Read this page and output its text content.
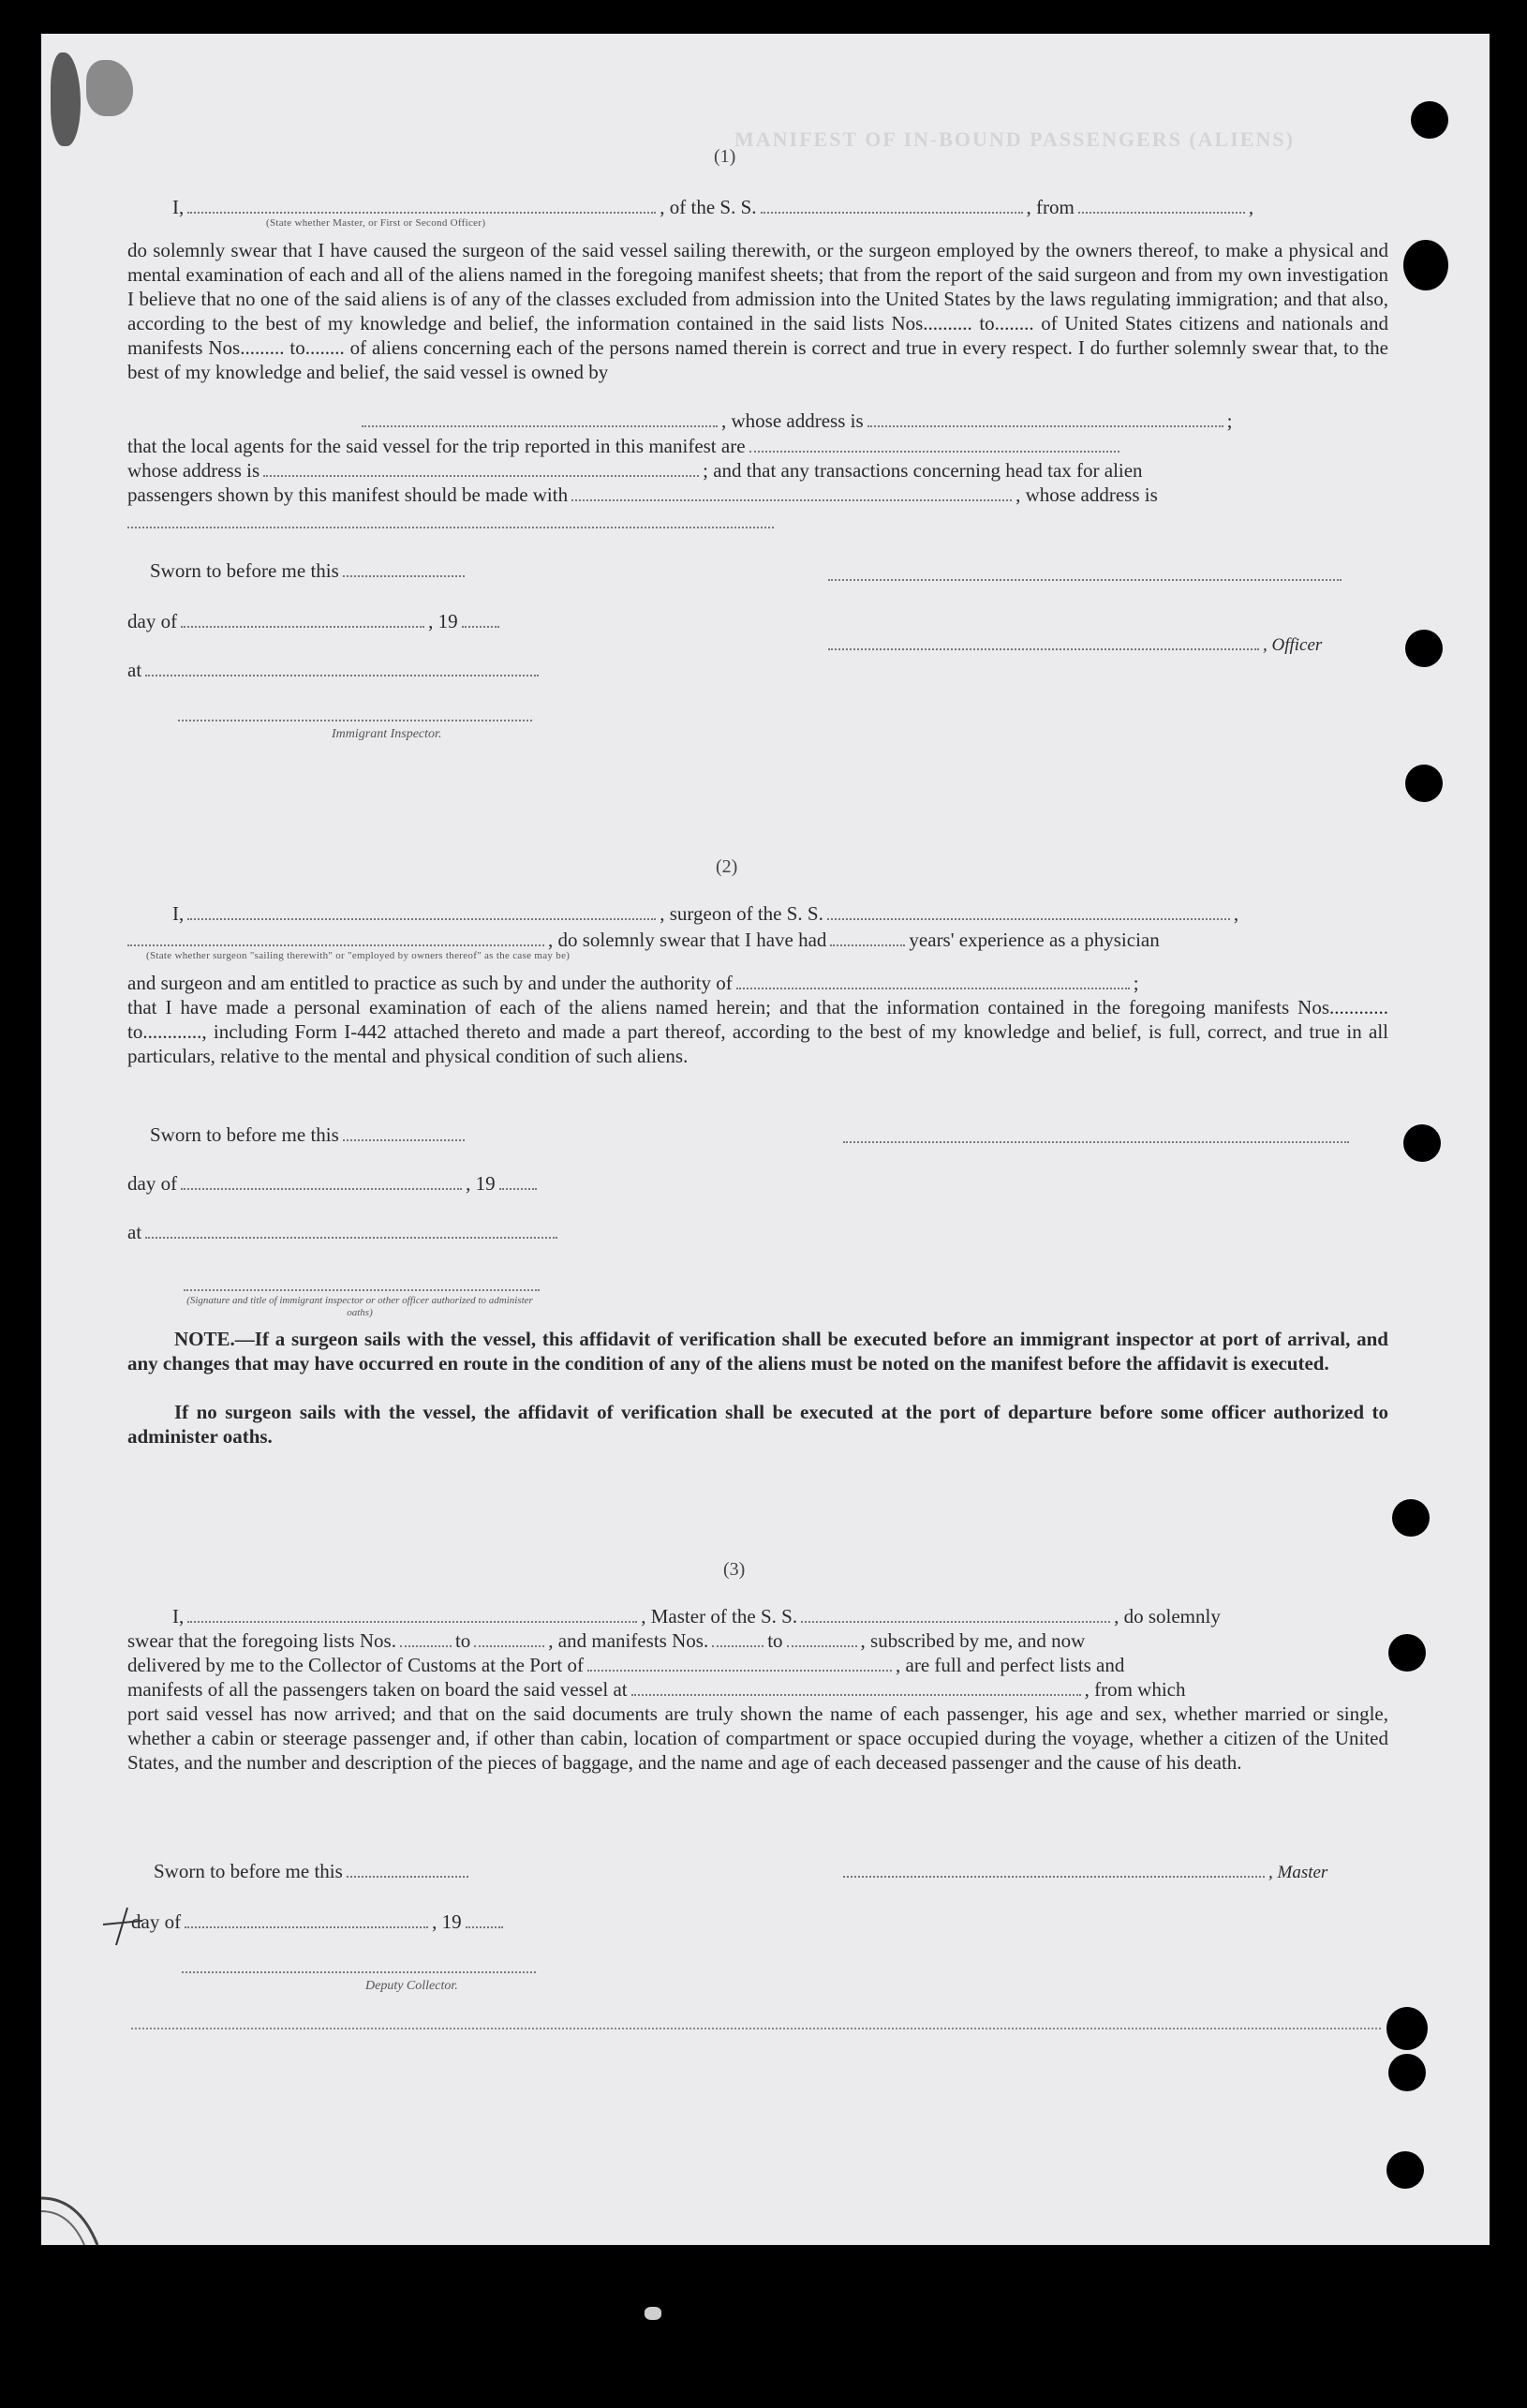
MANIFEST OF IN-BOUND PASSENGERS (ALIENS)
(1)
I,	, of the S. S.	, from	,
(State whether Master, or First or Second Officer)
do solemnly swear that I have caused the surgeon of the said vessel sailing therewith, or the surgeon employed by the owners thereof, to make a physical and mental examination of each and all of the aliens named in the foregoing manifest sheets; that from the report of the said surgeon and from my own investigation I believe that no one of the said aliens is of any of the classes excluded from admission into the United States by the laws regulating immigration; and that also, according to the best of my knowledge and belief, the information contained in the said lists Nos.......... to........ of United States citizens and nationals and manifests Nos......... to........ of aliens concerning each of the persons named therein is correct and true in every respect. I do further solemnly swear that, to the best of my knowledge and belief, the said vessel is owned by
, whose address is	;
that the local agents for the said vessel for the trip reported in this manifest are
whose address is	; and that any transactions concerning head tax for alien
passengers shown by this manifest should be made with	, whose address is
Sworn to before me this
day of	, 19
, Officer
at
Immigrant Inspector.
(2)
I,	, surgeon of the S. S.	,
, do solemnly swear that I have had	years' experience as a physician
(State whether surgeon "sailing therewith" or "employed by owners thereof" as the case may be)
and surgeon and am entitled to practice as such by and under the authority of	;
that I have made a personal examination of each of the aliens named herein; and that the information contained in the foregoing manifests Nos............ to............, including Form I-442 attached thereto and made a part thereof, according to the best of my knowledge and belief, is full, correct, and true in all particulars, relative to the mental and physical condition of such aliens.
Sworn to before me this
day of	, 19
at
(Signature and title of immigrant inspector or other officer authorized to administer oaths)
NOTE.—If a surgeon sails with the vessel, this affidavit of verification shall be executed before an immigrant inspector at port of arrival, and any changes that may have occurred en route in the condition of any of the aliens must be noted on the manifest before the affidavit is executed.
If no surgeon sails with the vessel, the affidavit of verification shall be executed at the port of departure before some officer authorized to administer oaths.
(3)
I,	, Master of the S. S.	, do solemnly
swear that the foregoing lists Nos.	to	, and manifests Nos.	to	, subscribed by me, and now
delivered by me to the Collector of Customs at the Port of	, are full and perfect lists and
manifests of all the passengers taken on board the said vessel at	, from which
port said vessel has now arrived; and that on the said documents are truly shown the name of each passenger, his age and sex, whether married or single, whether a cabin or steerage passenger and, if other than cabin, location of compartment or space occupied during the voyage, whether a citizen of the United States, and the number and description of the pieces of baggage, and the name and age of each deceased passenger and the cause of his death.
Sworn to before me this	, Master
day of	, 19
Deputy Collector.
